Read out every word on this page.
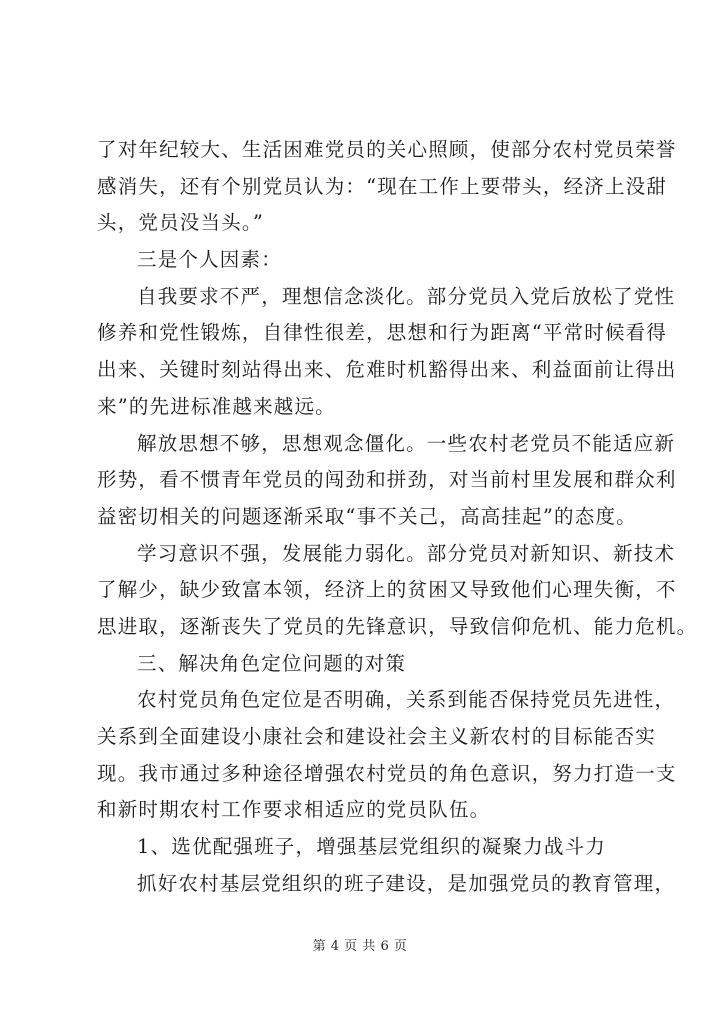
了对年纪较大、生活困难党员的关心照顾，使部分农村党员荣誉
感消失，还有个别党员认为：“现在工作上要带头，经济上没甜
头，党员没当头。”
三是个人因素：
自我要求不严，理想信念淡化。部分党员入党后放松了党性
修养和党性锻炼，自律性很差，思想和行为距离“平常时候看得
出来、关键时刻站得出来、危难时机豁得出来、利益面前让得出
来”的先进标准越来越远。
解放思想不够，思想观念僵化。一些农村老党员不能适应新
形势，看不惯青年党员的闯劲和拼劲，对当前村里发展和群众利
益密切相关的问题逐渐采取“事不关己，高高挂起”的态度。
学习意识不强，发展能力弱化。部分党员对新知识、新技术
了解少，缺少致富本领，经济上的贫困又导致他们心理失衡，不
思进取，逐渐丧失了党员的先锋意识，导致信仰危机、能力危机。
三、解决角色定位问题的对策
农村党员角色定位是否明确，关系到能否保持党员先进性，
关系到全面建设小康社会和建设社会主义新农村的目标能否实
现。我市通过多种途径增强农村党员的角色意识，努力打造一支
和新时期农村工作要求相适应的党员队伍。
1、选优配强班子，增强基层党组织的凝聚力战斗力
抓好农村基层党组织的班子建设，是加强党员的教育管理，
第 4 页 共 6 页
